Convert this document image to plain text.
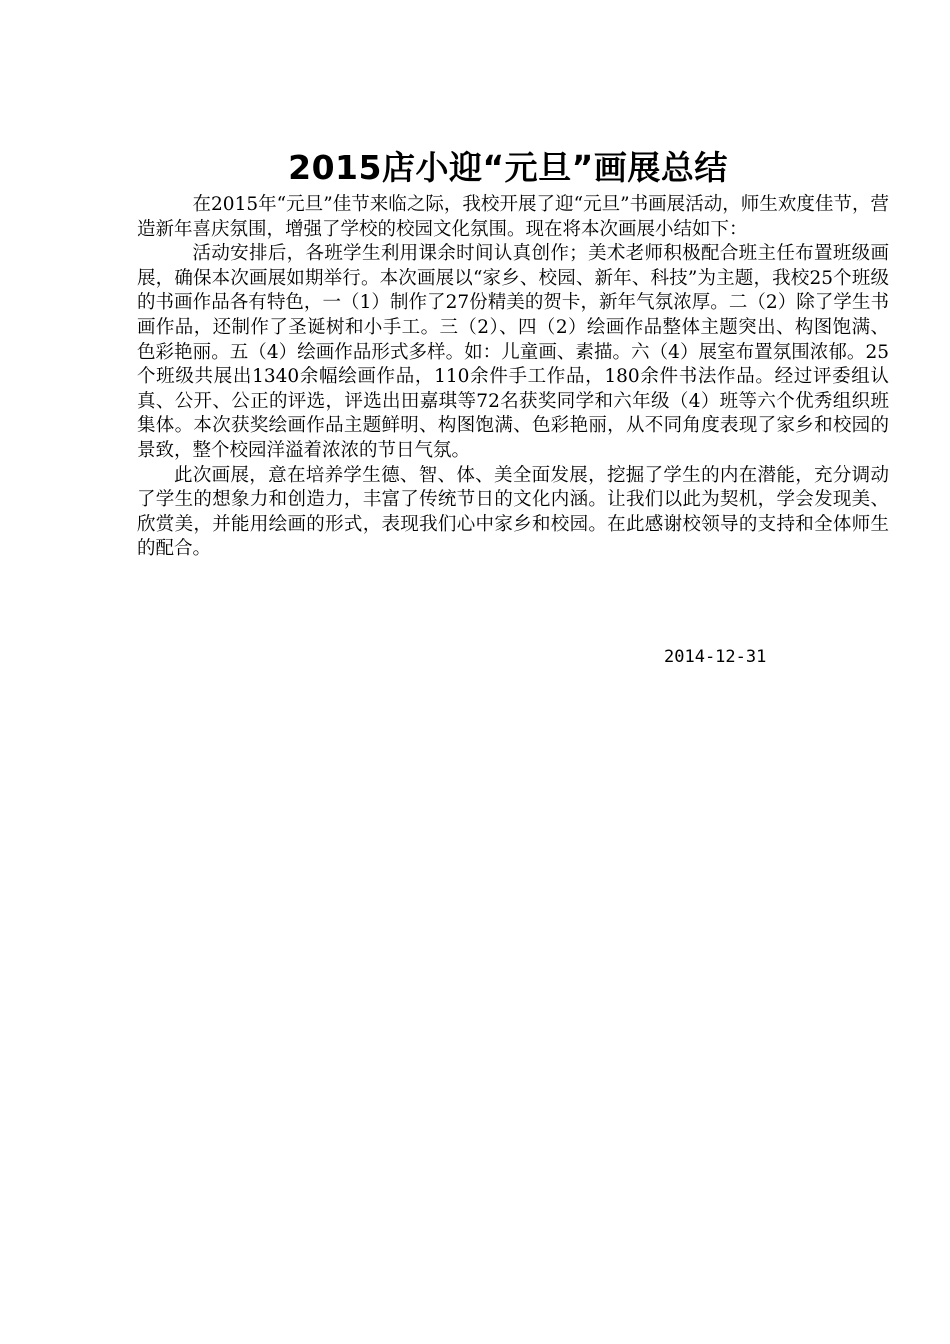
2015店小迎“元旦”画展总结

在2015年“元旦”佳节来临之际，我校开展了迎“元旦”书画展活动，师生欢度佳节，营造新年喜庆氛围，增强了学校的校园文化氛围。现在将本次画展小结如下：

活动安排后，各班学生利用课余时间认真创作；美术老师积极配合班主任布置班级画展，确保本次画展如期举行。本次画展以“家乡、校园、新年、科技”为主题，我校25个班级的书画作品各有特色，一（1）制作了27份精美的贺卡，新年气氛浓厚。二（2）除了学生书画作品，还制作了圣诞树和小手工。三（2）、四（2）绘画作品整体主题突出、构图饱满、色彩艳丽。五（4）绘画作品形式多样。如：儿童画、素描。六（4）展室布置氛围浓郁。25个班级共展出1340余幅绘画作品，110余件手工作品，180余件书法作品。经过评委组认真、公开、公正的评选，评选出田嘉琪等72名获奖同学和六年级（4）班等六个优秀组织班集体。本次获奖绘画作品主题鲜明、构图饱满、色彩艳丽，从不同角度表现了家乡和校园的景致，整个校园洋溢着浓浓的节日气氛。

此次画展，意在培养学生德、智、体、美全面发展，挖掘了学生的内在潜能，充分调动了学生的想象力和创造力，丰富了传统节日的文化内涵。让我们以此为契机，学会发现美、欣赏美，并能用绘画的形式，表现我们心中家乡和校园。在此感谢校领导的支持和全体师生的配合。

2014-12-31
